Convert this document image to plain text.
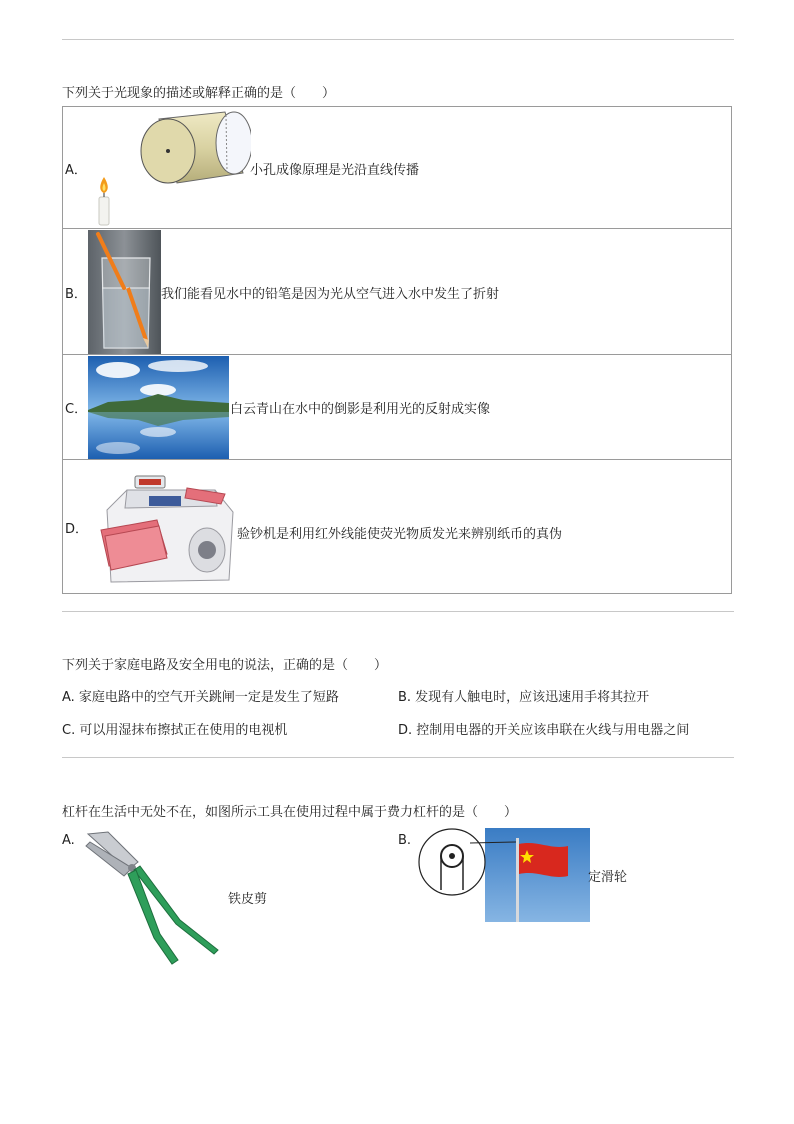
下列关于光现象的描述或解释正确的是（　　）
A．	小孔成像原理是光沿直线传播
B．	我们能看见水中的铅笔是因为光从空气进入水中发生了折射
C．	白云青山在水中的倒影是利用光的反射成实像
D．	验钞机是利用红外线能使荧光物质发光来辨别纸币的真伪
下列关于家庭电路及安全用电的说法，正确的是（　　）
A. 家庭电路中的空气开关跳闸一定是发生了短路	B. 发现有人触电时，应该迅速用手将其拉开
C. 可以用湿抹布擦拭正在使用的电视机	D. 控制用电器的开关应该串联在火线与用电器之间
杠杆在生活中无处不在，如图所示工具在使用过程中属于费力杠杆的是（　　）
A.
铁皮剪
B.
定滑轮
